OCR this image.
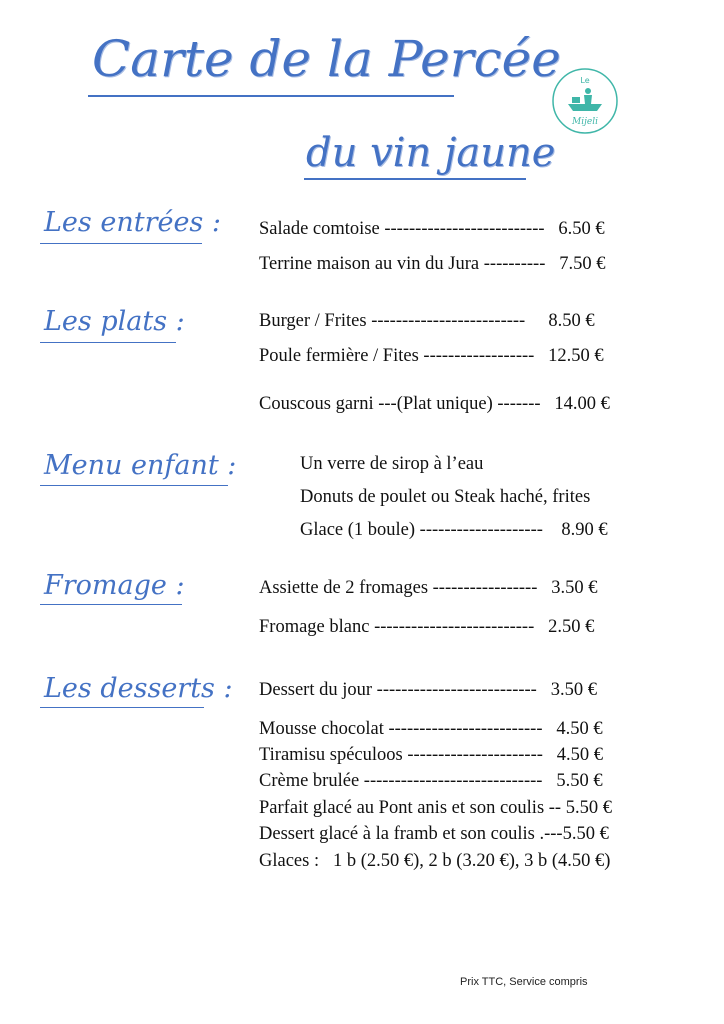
Carte de la Percée
du vin jaune
Le
Mijeli
Les entrées : Salade comtoise --------------------------   6.50 €
Terrine maison au vin du Jura ----------   7.50 €
Les plats :	Burger / Frites -------------------------     8.50 €
Poule fermière / Fites ------------------   12.50 €
Couscous garni ---(Plat unique) -------   14.00 €
Menu enfant :	Un verre de sirop à l’eau
Donuts de poulet ou Steak haché, frites
Glace (1 boule) --------------------    8.90 €
Fromage :	Assiette de 2 fromages -----------------   3.50 €
Fromage blanc --------------------------   2.50 €
Les desserts : Dessert du jour --------------------------   3.50 €
Mousse chocolat -------------------------   4.50 €
Tiramisu spéculoos ----------------------   4.50 €
Crème brulée -----------------------------   5.50 €
Parfait glacé au Pont anis et son coulis -- 5.50 €
Dessert glacé à la framb et son coulis .---5.50 €
Glaces :   1 b (2.50 €), 2 b (3.20 €), 3 b (4.50 €)
Prix TTC, Service compris
